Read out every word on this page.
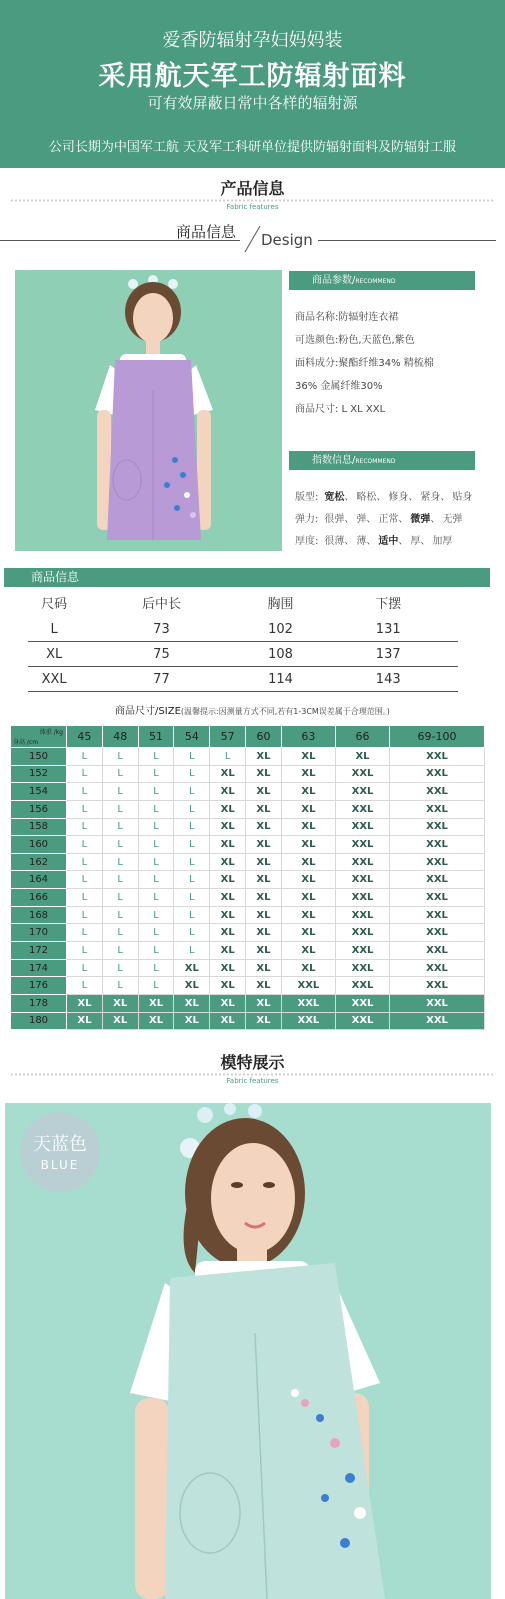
爱香防辐射孕妇妈妈装
采用航天军工防辐射面料
可有效屏蔽日常中各样的辐射源
公司长期为中国军工航 天及军工科研单位提供防辐射面料及防辐射工服
产品信息
Fabric features
商品信息 Design
商品参数/RECOMMEND
商品名称:防辐射连衣裙
可选颜色:粉色,天蓝色,紫色
面料成分:聚酯纤维34% 精梳棉
36% 金属纤维30%
商品尺寸: L XL XXL
指数信息/RECOMMEND
版型: 宽松、 略松、 修身、 紧身、 贴身
弹力: 很弹、 弹、 正常、 微弹、 无弹
厚度: 很薄、 薄、 适中、 厚、 加厚
商品信息
尺码	后中长	胸围	下摆
L	73	102	131
XL	75	108	137
XXL	77	114	143
商品尺寸/SIZE(温馨提示:因测量方式不同,若有1-3CM误差属于合理范围。)
体重 /kg
身高 /cm	45	48	51	54	57	60	63	66	69-100
150	L	L	L	L	L	XL	XL	XL	XXL
152	L	L	L	L	XL	XL	XL	XXL	XXL
154	L	L	L	L	XL	XL	XL	XXL	XXL
156	L	L	L	L	XL	XL	XL	XXL	XXL
158	L	L	L	L	XL	XL	XL	XXL	XXL
160	L	L	L	L	XL	XL	XL	XXL	XXL
162	L	L	L	L	XL	XL	XL	XXL	XXL
164	L	L	L	L	XL	XL	XL	XXL	XXL
166	L	L	L	L	XL	XL	XL	XXL	XXL
168	L	L	L	L	XL	XL	XL	XXL	XXL
170	L	L	L	L	XL	XL	XL	XXL	XXL
172	L	L	L	L	XL	XL	XL	XXL	XXL
174	L	L	L	XL	XL	XL	XL	XXL	XXL
176	L	L	L	XL	XL	XL	XXL	XXL	XXL
178	XL	XL	XL	XL	XL	XL	XXL	XXL	XXL
180	XL	XL	XL	XL	XL	XL	XXL	XXL	XXL
模特展示
Fabric features
天蓝色
BLUE
